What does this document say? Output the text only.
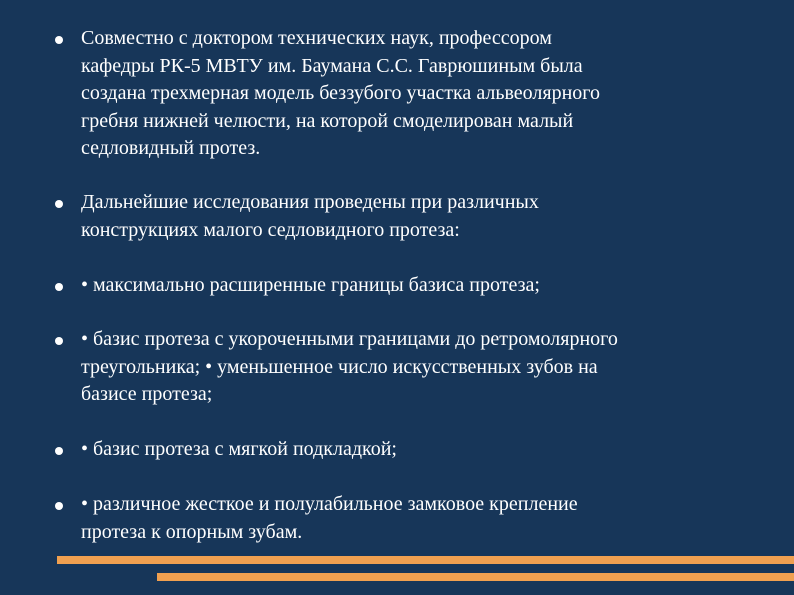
Совместно с доктором технических наук, профессором
кафедры РК-5 МВТУ им. Баумана С.С. Гаврюшиным была
создана трехмерная модель беззубого участка альвеолярного
гребня нижней челюсти, на которой смоделирован малый
седловидный протез.
Дальнейшие исследования проведены при различных
конструкциях малого седловидного протеза:
• максимально расширенные границы базиса протеза;
• базис протеза с укороченными границами до ретромолярного
треугольника; • уменьшенное число искусственных зубов на
базисе протеза;
• базис протеза с мягкой подкладкой;
• различное жесткое и полулабильное замковое крепление
протеза к опорным зубам.
